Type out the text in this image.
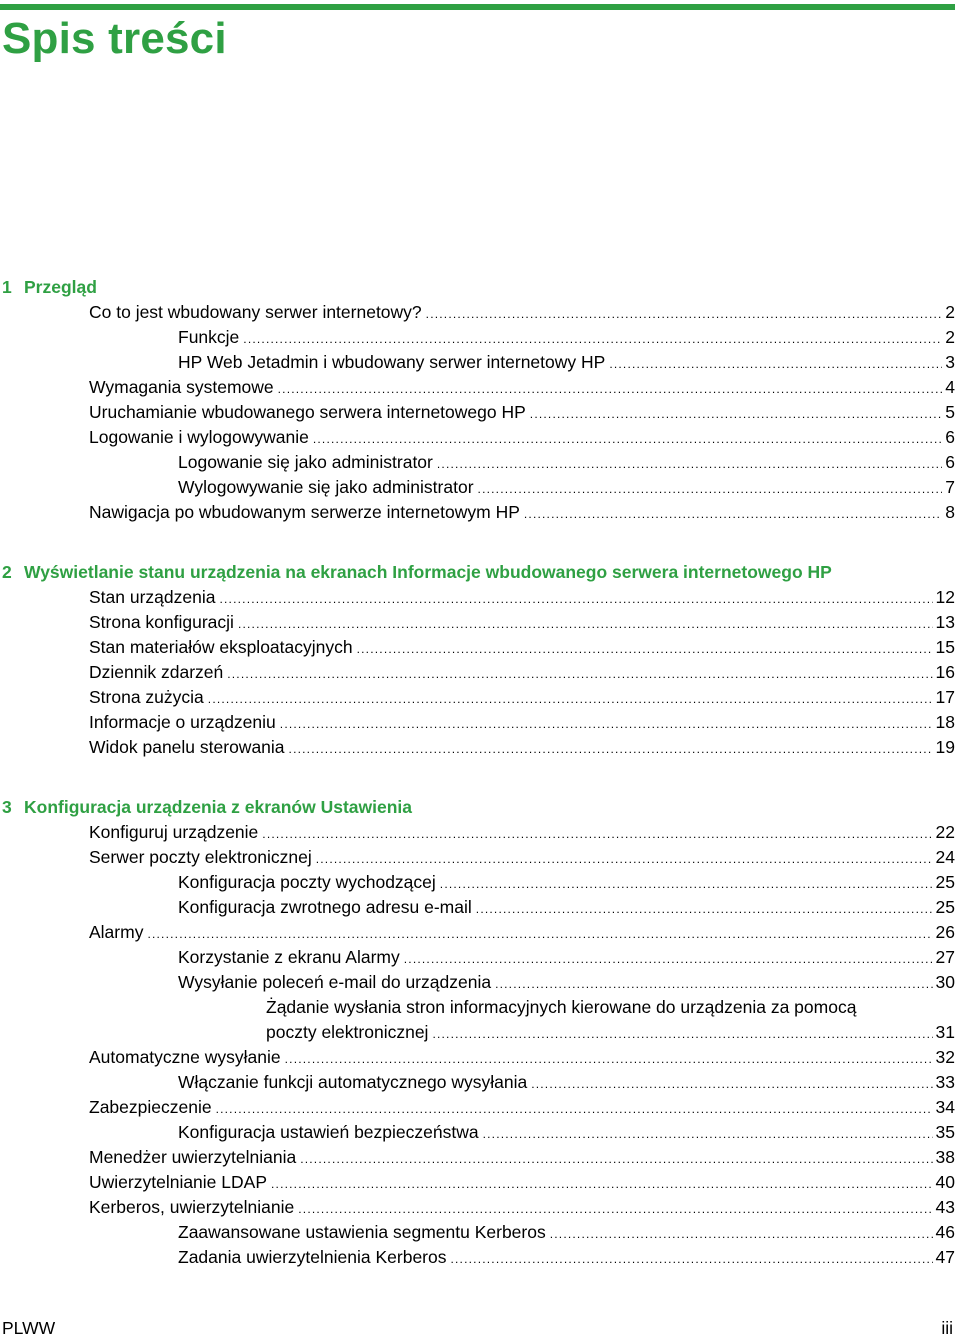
Spis treści
1 Przegląd
Co to jest wbudowany serwer internetowy? .....	2
Funkcje .....	2
HP Web Jetadmin i wbudowany serwer internetowy HP .....	3
Wymagania systemowe .....	4
Uruchamianie wbudowanego serwera internetowego HP .....	5
Logowanie i wylogowywanie .....	6
Logowanie się jako administrator .....	6
Wylogowywanie się jako administrator .....	7
Nawigacja po wbudowanym serwerze internetowym HP .....	8
2 Wyświetlanie stanu urządzenia na ekranach Informacje wbudowanego serwera internetowego HP
Stan urządzenia .....	12
Strona konfiguracji .....	13
Stan materiałów eksploatacyjnych .....	15
Dziennik zdarzeń .....	16
Strona zużycia .....	17
Informacje o urządzeniu .....	18
Widok panelu sterowania .....	19
3 Konfiguracja urządzenia z ekranów Ustawienia
Konfiguruj urządzenie .....	22
Serwer poczty elektronicznej .....	24
Konfiguracja poczty wychodzącej .....	25
Konfiguracja zwrotnego adresu e-mail .....	25
Alarmy .....	26
Korzystanie z ekranu Alarmy .....	27
Wysyłanie poleceń e-mail do urządzenia .....	30
Żądanie wysłania stron informacyjnych kierowane do urządzenia za pomocą
poczty elektronicznej .....	31
Automatyczne wysyłanie .....	32
Włączanie funkcji automatycznego wysyłania .....	33
Zabezpieczenie .....	34
Konfiguracja ustawień bezpieczeństwa .....	35
Menedżer uwierzytelniania .....	38
Uwierzytelnianie LDAP .....	40
Kerberos, uwierzytelnianie .....	43
Zaawansowane ustawienia segmentu Kerberos .....	46
Zadania uwierzytelnienia Kerberos .....	47
PLWW	iii
